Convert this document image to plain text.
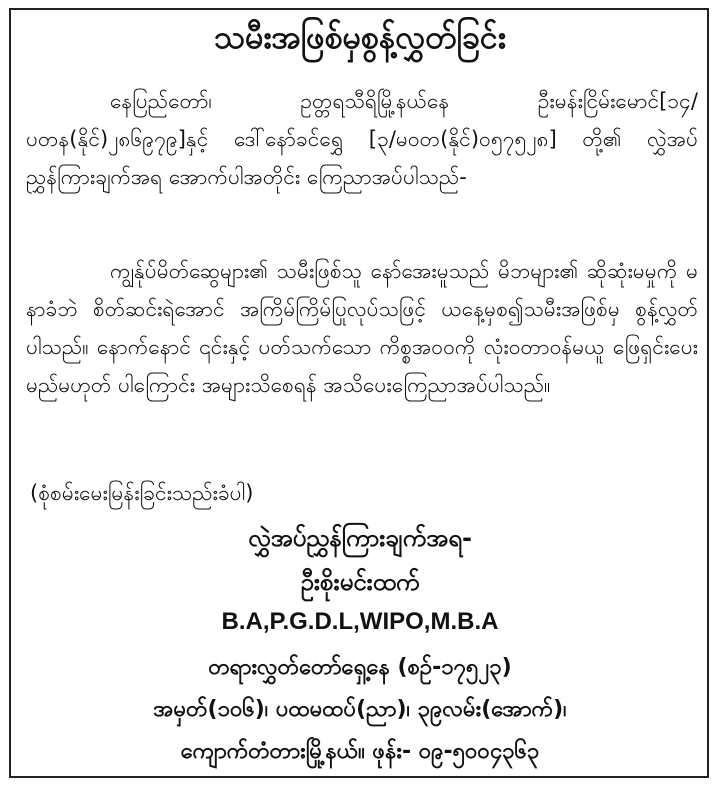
သမီးအဖြစ်မှစွန့်လွှတ်ခြင်း
နေပြည်တော်၊ ဥတ္တရသီရိမြို့နယ်နေ ဦးမန်းငြိမ်းမောင်[၁၄/ပတန(နိုင်)၂၈၆၉၇၉]နှင့် ဒေါ်နော်ခင်ရွှေ [၃/မဝတ(နိုင်)၀၅၇၅၂၈] တို့၏ လွှဲအပ်ညွှန်ကြားချက်အရ အောက်ပါအတိုင်း ကြေညာအပ်ပါသည်-
ကျွန်ုပ်မိတ်ဆွေများ၏ သမီးဖြစ်သူ နော်အေးမူသည် မိဘများ၏ ဆိုဆုံးမမှုကို မနာခံဘဲ စိတ်ဆင်းရဲအောင် အကြိမ်ကြိမ်ပြုလုပ်သဖြင့် ယနေ့မှစ၍သမီးအဖြစ်မှ စွန့်လွှတ်ပါသည်။ နောက်နောင် ၎င်းနှင့် ပတ်သက်သော ကိစ္စအဝဝကို လုံးဝတာဝန်မယူ ဖြေရှင်းပေးမည်မဟုတ် ပါကြောင်း အများသိစေရန် အသိပေးကြေညာအပ်ပါသည်။
(စုံစမ်းမေးမြန်းခြင်းသည်းခံပါ)
လွှဲအပ်ညွှန်ကြားချက်အရ-
ဦးစိုးမင်းထက်
B.A,P.G.D.L,WIPO,M.B.A
တရားလွှတ်တော်ရှေ့နေ (စဥ်-၁၇၅၂၃)
အမှတ်(၁၀၆)၊ ပထမထပ်(ညာ)၊ ၃၉လမ်း(အောက်)၊
ကျောက်တံတားမြို့နယ်။ ဖုန်း- ၀၉-၅၀၀၄၃၆၃
